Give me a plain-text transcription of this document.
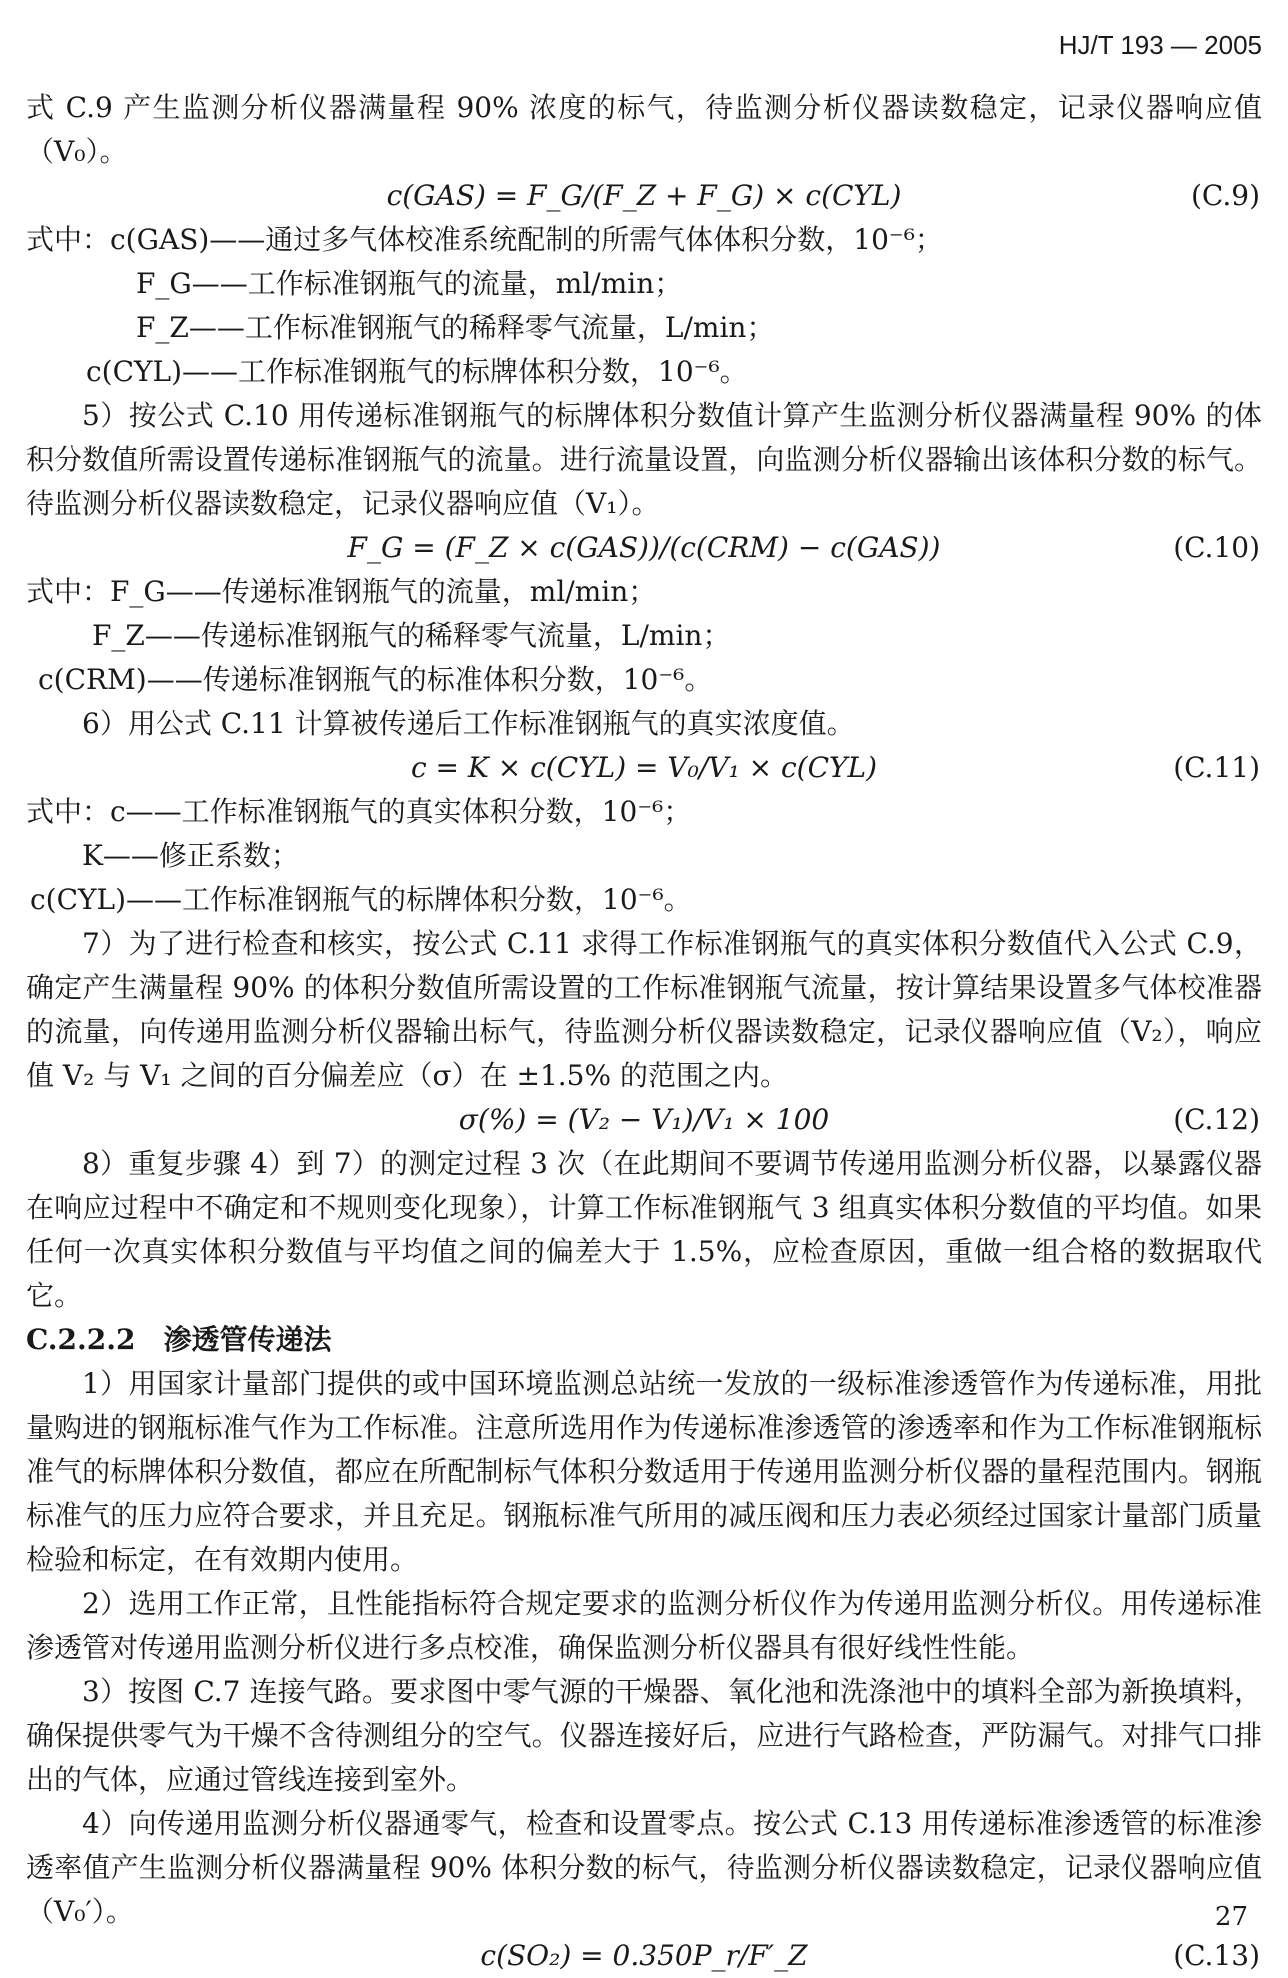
HJ/T 193 — 2005

式 C.9 产生监测分析仪器满量程 90% 浓度的标气，待监测分析仪器读数稳定，记录仪器响应值（V₀）。

c(GAS) = F_G/(F_Z + F_G) × c(CYL)	(C.9)

式中：c(GAS)——通过多气体校准系统配制的所需气体体积分数，10⁻⁶；

F_G——工作标准钢瓶气的流量，ml/min；

F_Z——工作标准钢瓶气的稀释零气流量，L/min；

c(CYL)——工作标准钢瓶气的标牌体积分数，10⁻⁶。

5）按公式 C.10 用传递标准钢瓶气的标牌体积分数值计算产生监测分析仪器满量程 90% 的体积分数值所需设置传递标准钢瓶气的流量。进行流量设置，向监测分析仪器输出该体积分数的标气。待监测分析仪器读数稳定，记录仪器响应值（V₁）。

F_G = (F_Z × c(GAS))/(c(CRM) − c(GAS))	(C.10)

式中：F_G——传递标准钢瓶气的流量，ml/min；

F_Z——传递标准钢瓶气的稀释零气流量，L/min；

c(CRM)——传递标准钢瓶气的标准体积分数，10⁻⁶。

6）用公式 C.11 计算被传递后工作标准钢瓶气的真实浓度值。

c = K × c(CYL) = V₀/V₁ × c(CYL)	(C.11)

式中：c——工作标准钢瓶气的真实体积分数，10⁻⁶；

K——修正系数；

c(CYL)——工作标准钢瓶气的标牌体积分数，10⁻⁶。

7）为了进行检查和核实，按公式 C.11 求得工作标准钢瓶气的真实体积分数值代入公式 C.9，确定产生满量程 90% 的体积分数值所需设置的工作标准钢瓶气流量，按计算结果设置多气体校准器的流量，向传递用监测分析仪器输出标气，待监测分析仪器读数稳定，记录仪器响应值（V₂），响应值 V₂ 与 V₁ 之间的百分偏差应（σ）在 ±1.5% 的范围之内。

σ(%) = (V₂ − V₁)/V₁ × 100	(C.12)

8）重复步骤 4）到 7）的测定过程 3 次（在此期间不要调节传递用监测分析仪器，以暴露仪器在响应过程中不确定和不规则变化现象），计算工作标准钢瓶气 3 组真实体积分数值的平均值。如果任何一次真实体积分数值与平均值之间的偏差大于 1.5%，应检查原因，重做一组合格的数据取代它。

C.2.2.2　渗透管传递法

1）用国家计量部门提供的或中国环境监测总站统一发放的一级标准渗透管作为传递标准，用批量购进的钢瓶标准气作为工作标准。注意所选用作为传递标准渗透管的渗透率和作为工作标准钢瓶标准气的标牌体积分数值，都应在所配制标气体积分数适用于传递用监测分析仪器的量程范围内。钢瓶标准气的压力应符合要求，并且充足。钢瓶标准气所用的减压阀和压力表必须经过国家计量部门质量检验和标定，在有效期内使用。

2）选用工作正常，且性能指标符合规定要求的监测分析仪作为传递用监测分析仪。用传递标准渗透管对传递用监测分析仪进行多点校准，确保监测分析仪器具有很好线性性能。

3）按图 C.7 连接气路。要求图中零气源的干燥器、氧化池和洗涤池中的填料全部为新换填料，确保提供零气为干燥不含待测组分的空气。仪器连接好后，应进行气路检查，严防漏气。对排气口排出的气体，应通过管线连接到室外。

4）向传递用监测分析仪器通零气，检查和设置零点。按公式 C.13 用传递标准渗透管的标准渗透率值产生监测分析仪器满量程 90% 体积分数的标气，待监测分析仪器读数稳定，记录仪器响应值（V₀′）。

c(SO₂) = 0.350P_r/F′_Z	(C.13)
27
